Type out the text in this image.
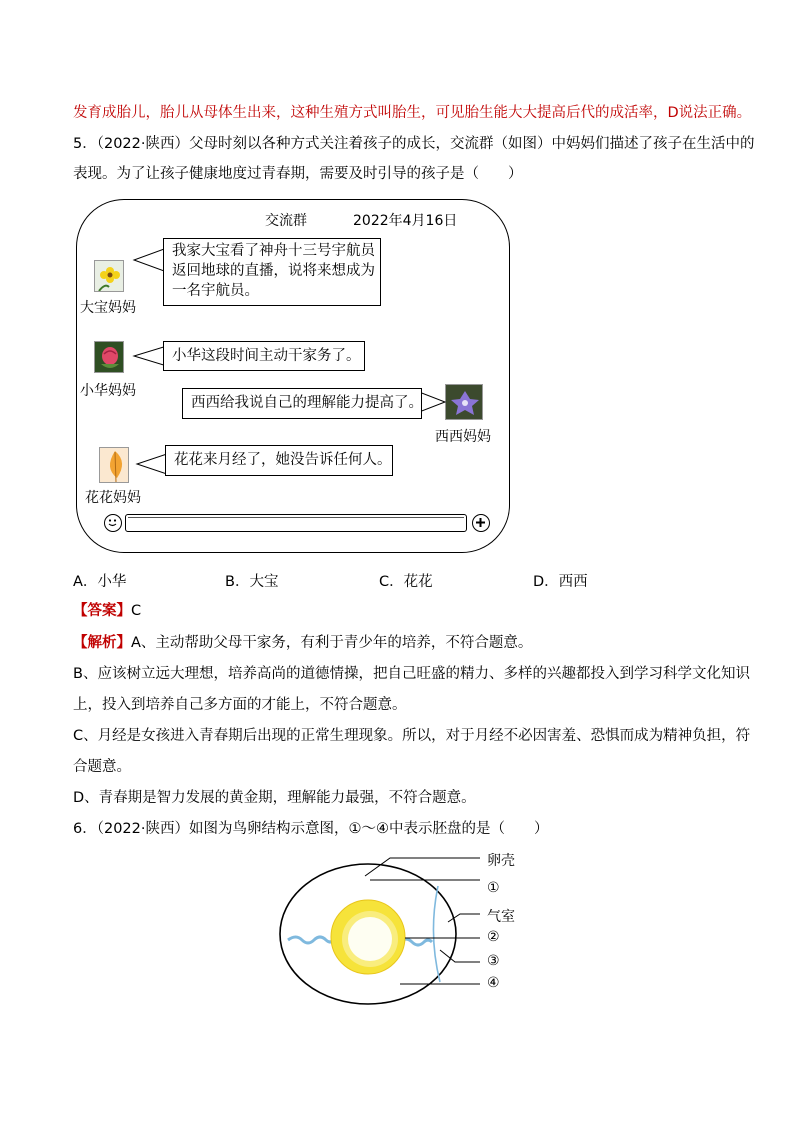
发育成胎儿，胎儿从母体生出来，这种生殖方式叫胎生，可见胎生能大大提高后代的成活率，D说法正确。
5．（2022·陕西）父母时刻以各种方式关注着孩子的成长，交流群（如图）中妈妈们描述了孩子在生活中的
表现。为了让孩子健康地度过青春期，需要及时引导的孩子是（　　）
交流群	2022年4月16日
大宝妈妈
我家大宝看了神舟十三号宇航员
返回地球的直播，说将来想成为
一名宇航员。
小华妈妈
小华这段时间主动干家务了。
西西妈妈
西西给我说自己的理解能力提高了。
花花妈妈
花花来月经了，她没告诉任何人。
A．小华	B．大宝	C．花花	D．西西
【答案】C
【解析】A、主动帮助父母干家务，有利于青少年的培养，不符合题意。
B、应该树立远大理想，培养高尚的道德情操，把自己旺盛的精力、多样的兴趣都投入到学习科学文化知识
上，投入到培养自己多方面的才能上，不符合题意。
C、月经是女孩进入青春期后出现的正常生理现象。所以，对于月经不必因害羞、恐惧而成为精神负担，符
合题意。
D、青春期是智力发展的黄金期，理解能力最强，不符合题意。
6．（2022·陕西）如图为鸟卵结构示意图，①～④中表示胚盘的是（　　）
卵壳
①
气室
②
③
④
